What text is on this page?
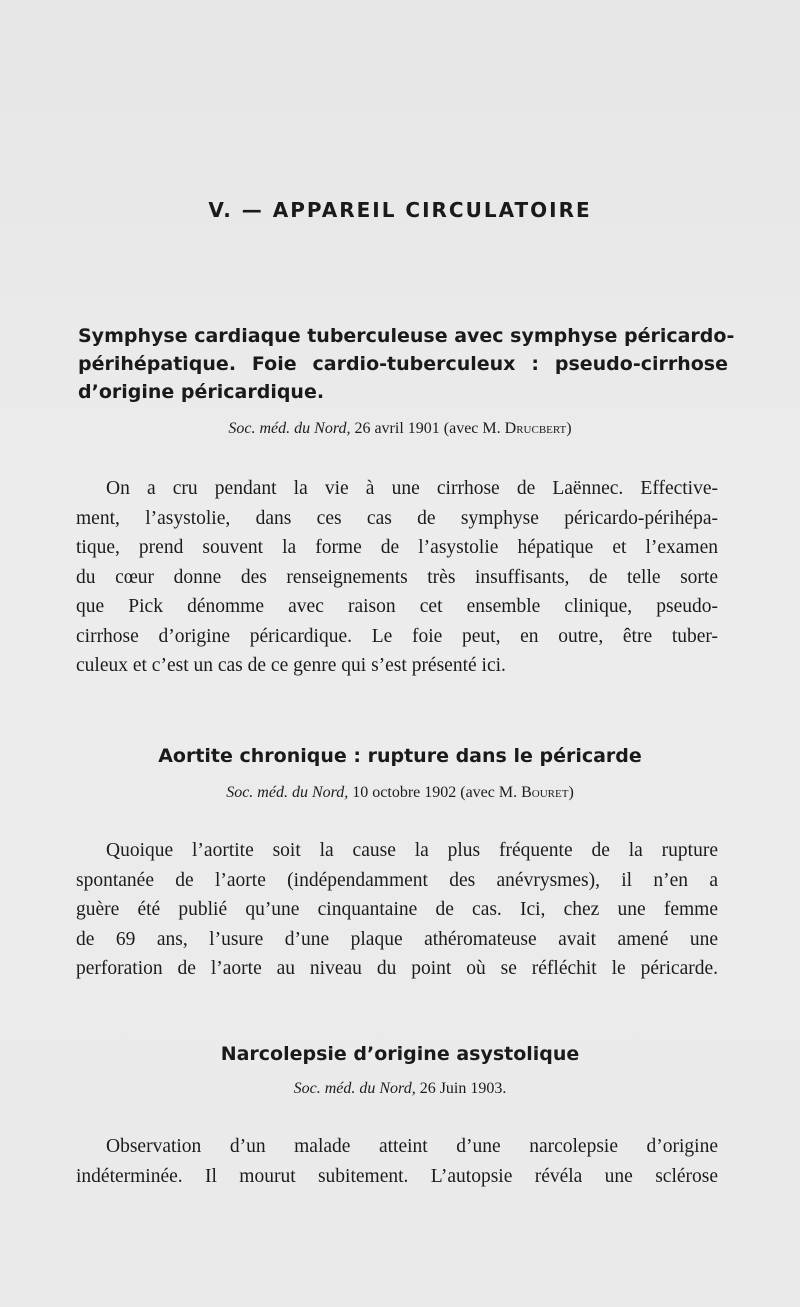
V. — APPAREIL CIRCULATOIRE
Symphyse cardiaque tuberculeuse avec symphyse péricardo-
périhépatique. Foie cardio-tuberculeux : pseudo-cirrhose
d’origine péricardique.
Soc. méd. du Nord, 26 avril 1901 (avec M. Drucbert)
On a cru pendant la vie à une cirrhose de Laënnec. Effective-
ment, l’asystolie, dans ces cas de symphyse péricardo-périhépa-
tique, prend souvent la forme de l’asystolie hépatique et l’examen
du cœur donne des renseignements très insuffisants, de telle sorte
que Pick dénomme avec raison cet ensemble clinique, pseudo-
cirrhose d’origine péricardique. Le foie peut, en outre, être tuber-
culeux et c’est un cas de ce genre qui s’est présenté ici.
Aortite chronique : rupture dans le péricarde
Soc. méd. du Nord, 10 octobre 1902 (avec M. Bouret)
Quoique l’aortite soit la cause la plus fréquente de la rupture
spontanée de l’aorte (indépendamment des anévrysmes), il n’en a
guère été publié qu’une cinquantaine de cas. Ici, chez une femme
de 69 ans, l’usure d’une plaque athéromateuse avait amené une
perforation de l’aorte au niveau du point où se réfléchit le péricarde.
Narcolepsie d’origine asystolique
Soc. méd. du Nord, 26 Juin 1903.
Observation d’un malade atteint d’une narcolepsie d’origine
indéterminée. Il mourut subitement. L’autopsie révéla une sclérose
